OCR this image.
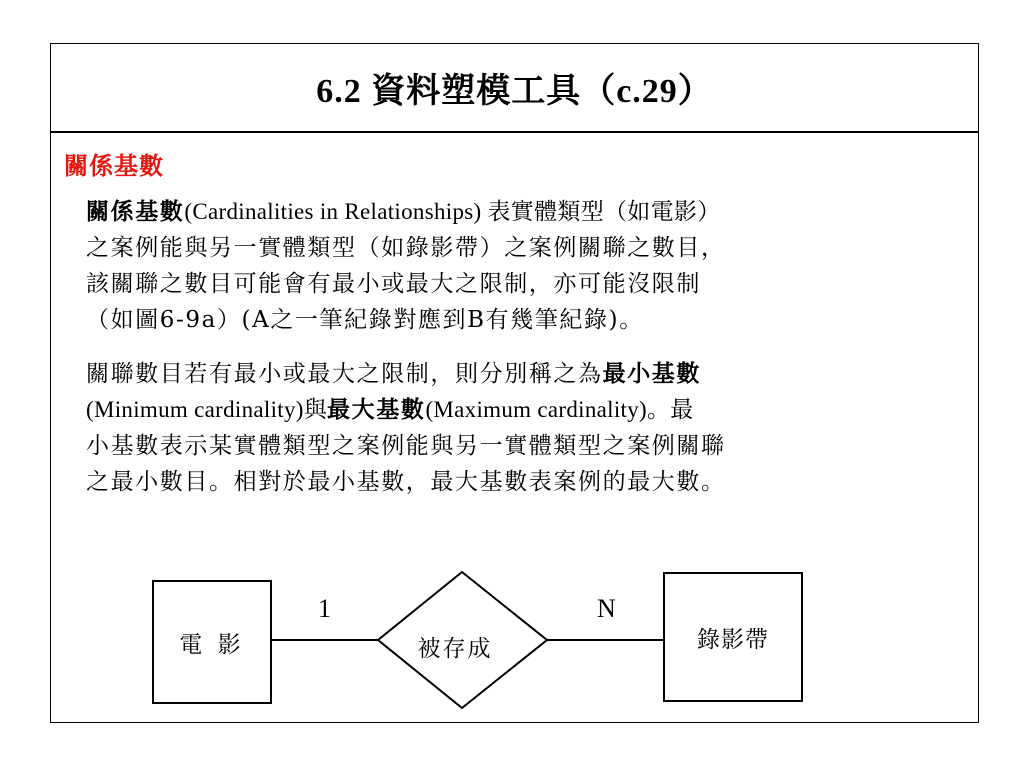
6.2 資料塑模工具（c.29）
關係基數
關係基數(Cardinalities in Relationships) 表實體類型（如電影）
之案例能與另一實體類型（如錄影帶）之案例關聯之數目，
該關聯之數目可能會有最小或最大之限制，亦可能沒限制
（如圖6-9a）(A之一筆紀錄對應到B有幾筆紀錄)。
關聯數目若有最小或最大之限制，則分別稱之為最小基數
(Minimum cardinality)與最大基數(Maximum cardinality)。最
小基數表示某實體類型之案例能與另一實體類型之案例關聯
之最小數目。相對於最小基數，最大基數表案例的最大數。
電 影	錄影帶
被存成
1	N
